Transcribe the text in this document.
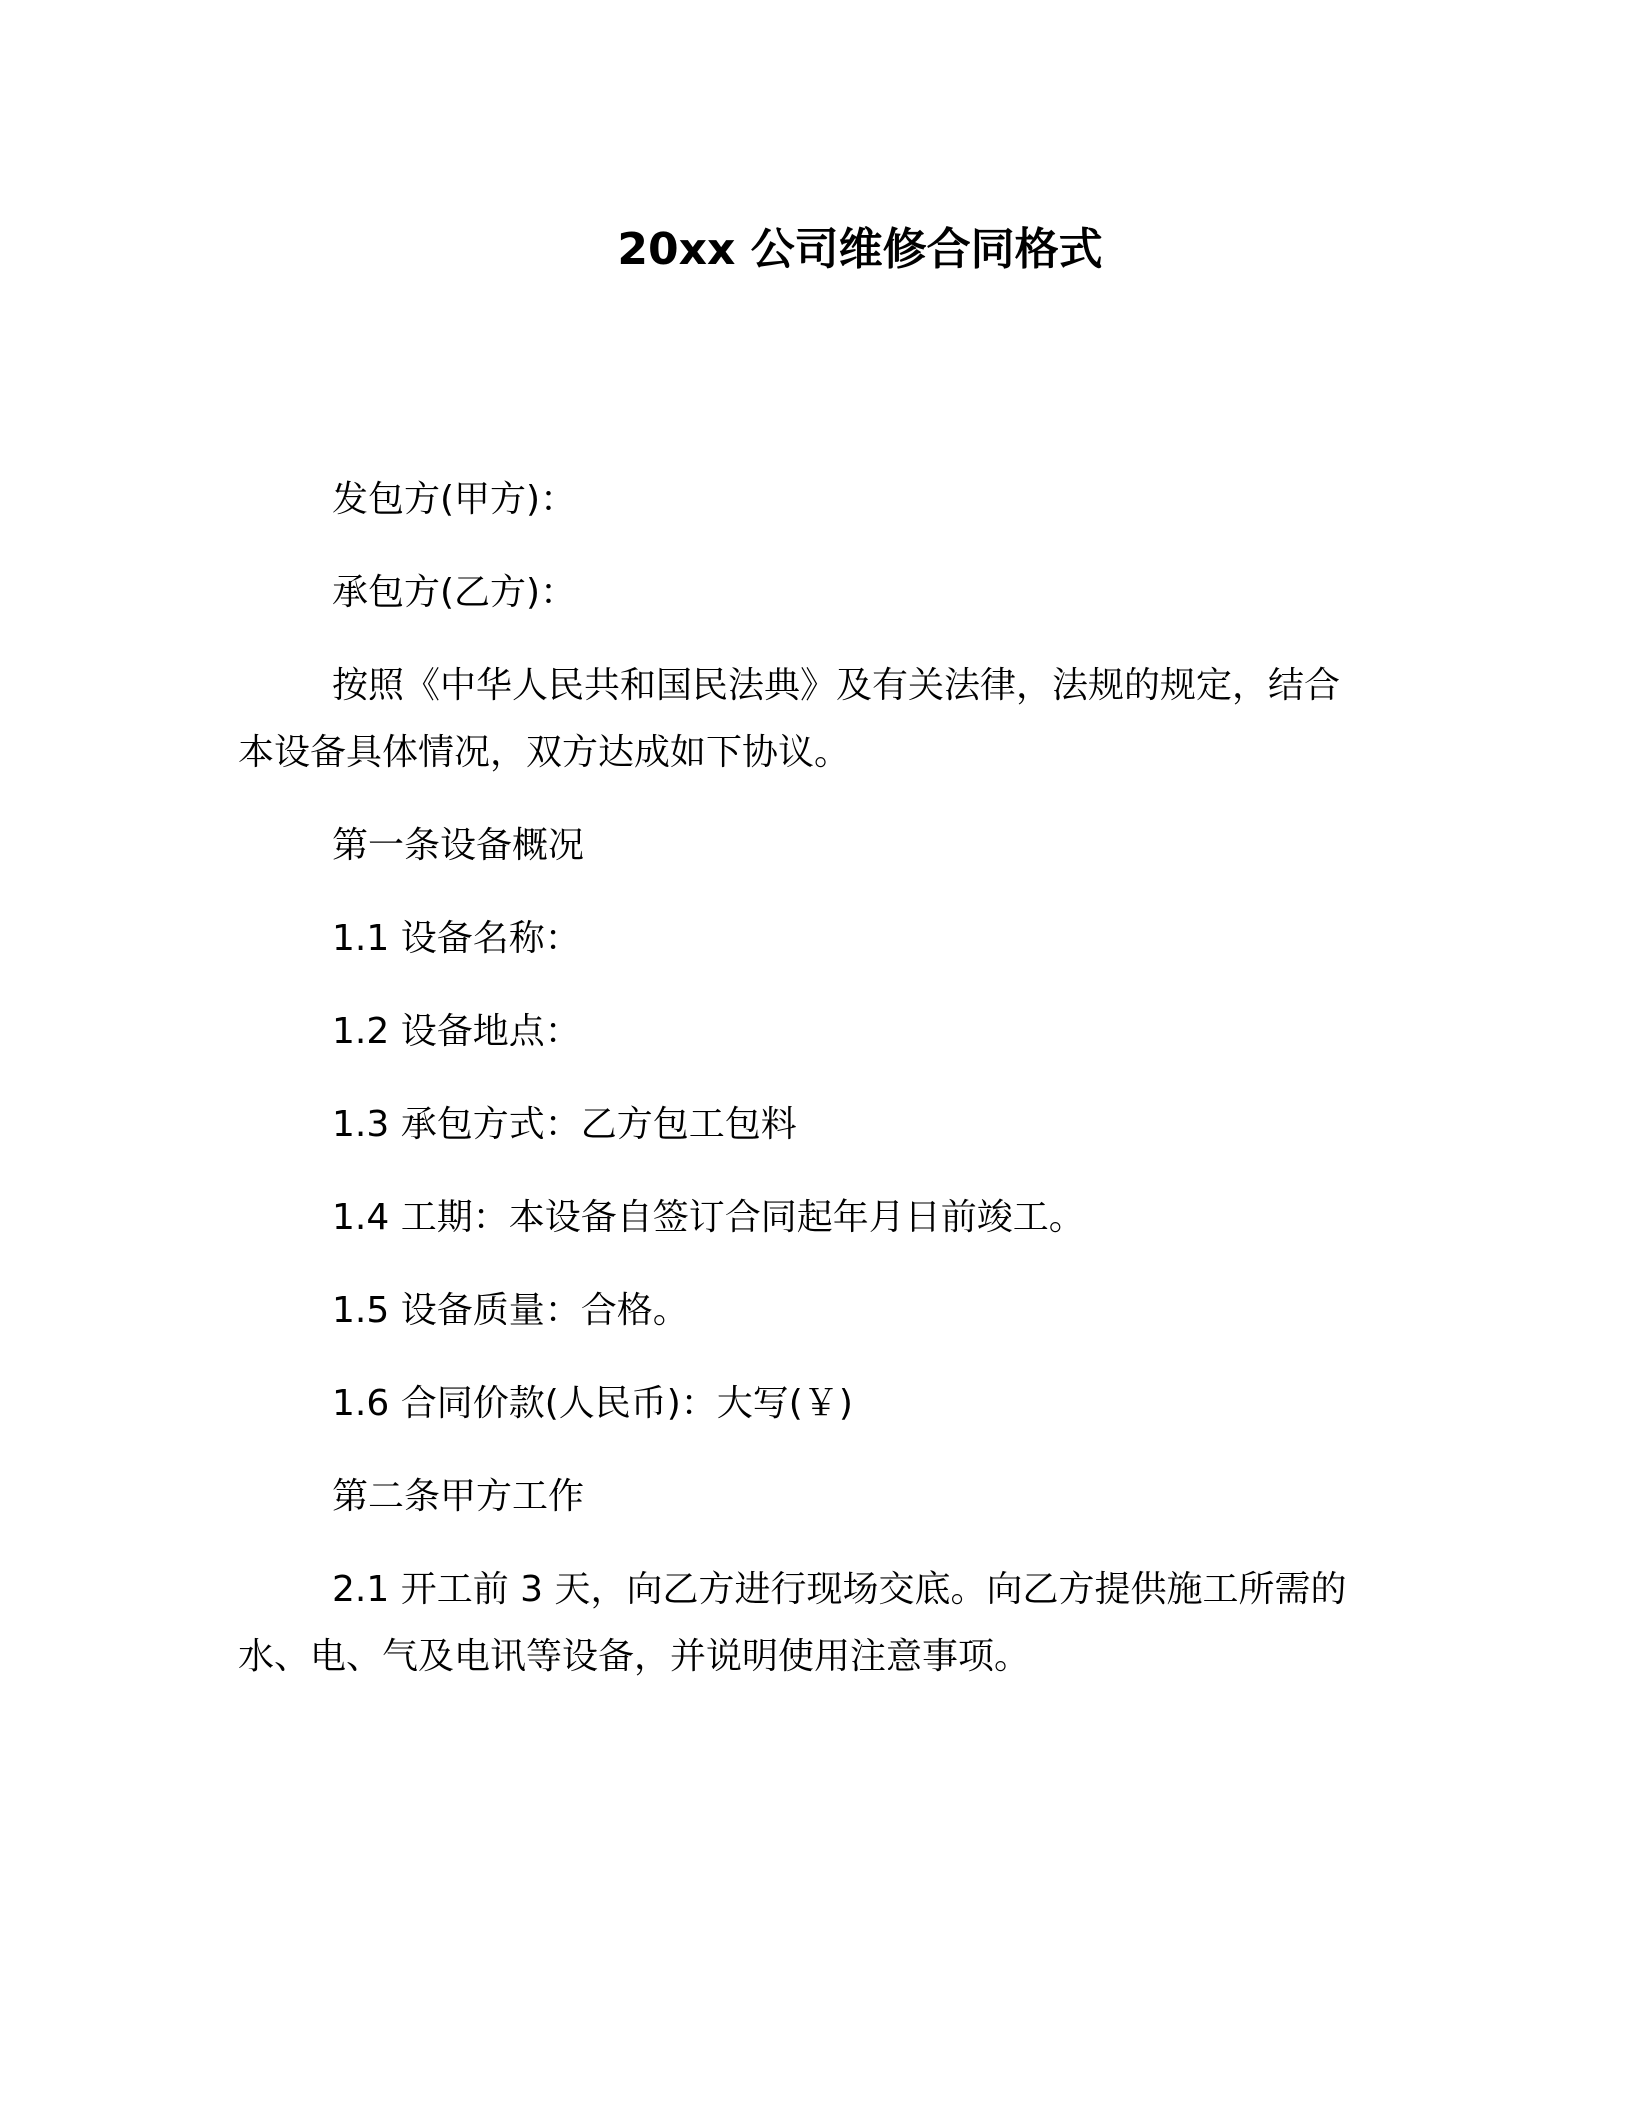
20xx 公司维修合同格式
发包方(甲方)：
承包方(乙方)：
按照《中华人民共和国民法典》及有关法律，法规的规定，结合
本设备具体情况，双方达成如下协议。
第一条设备概况
1.1 设备名称：
1.2 设备地点：
1.3 承包方式：乙方包工包料
1.4 工期：本设备自签订合同起年月日前竣工。
1.5 设备质量：合格。
1.6 合同价款(人民币)：大写(￥)
第二条甲方工作
2.1 开工前 3 天，向乙方进行现场交底。向乙方提供施工所需的
水、电、气及电讯等设备，并说明使用注意事项。
